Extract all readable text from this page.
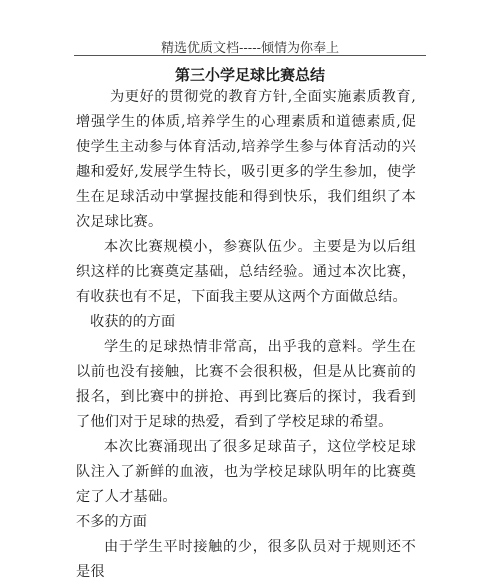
精选优质文档-----倾情为你奉上
第三小学足球比赛总结

为更好的贯彻党的教育方针,全面实施素质教育,增强学生的体质,培养学生的心理素质和道德素质,促使学生主动参与体育活动,培养学生参与体育活动的兴趣和爱好,发展学生特长，吸引更多的学生参加，使学生在足球活动中掌握技能和得到快乐，我们组织了本次足球比赛。

本次比赛规模小，参赛队伍少。主要是为以后组织这样的比赛奠定基础，总结经验。通过本次比赛，有收获也有不足，下面我主要从这两个方面做总结。

收获的的方面

学生的足球热情非常高，出乎我的意料。学生在以前也没有接触，比赛不会很积极，但是从比赛前的报名，到比赛中的拼抢、再到比赛后的探讨，我看到了他们对于足球的热爱，看到了学校足球的希望。

本次比赛涌现出了很多足球苗子，这位学校足球队注入了新鲜的血液，也为学校足球队明年的比赛奠定了人才基础。

不多的方面

由于学生平时接触的少，很多队员对于规则还不是很
